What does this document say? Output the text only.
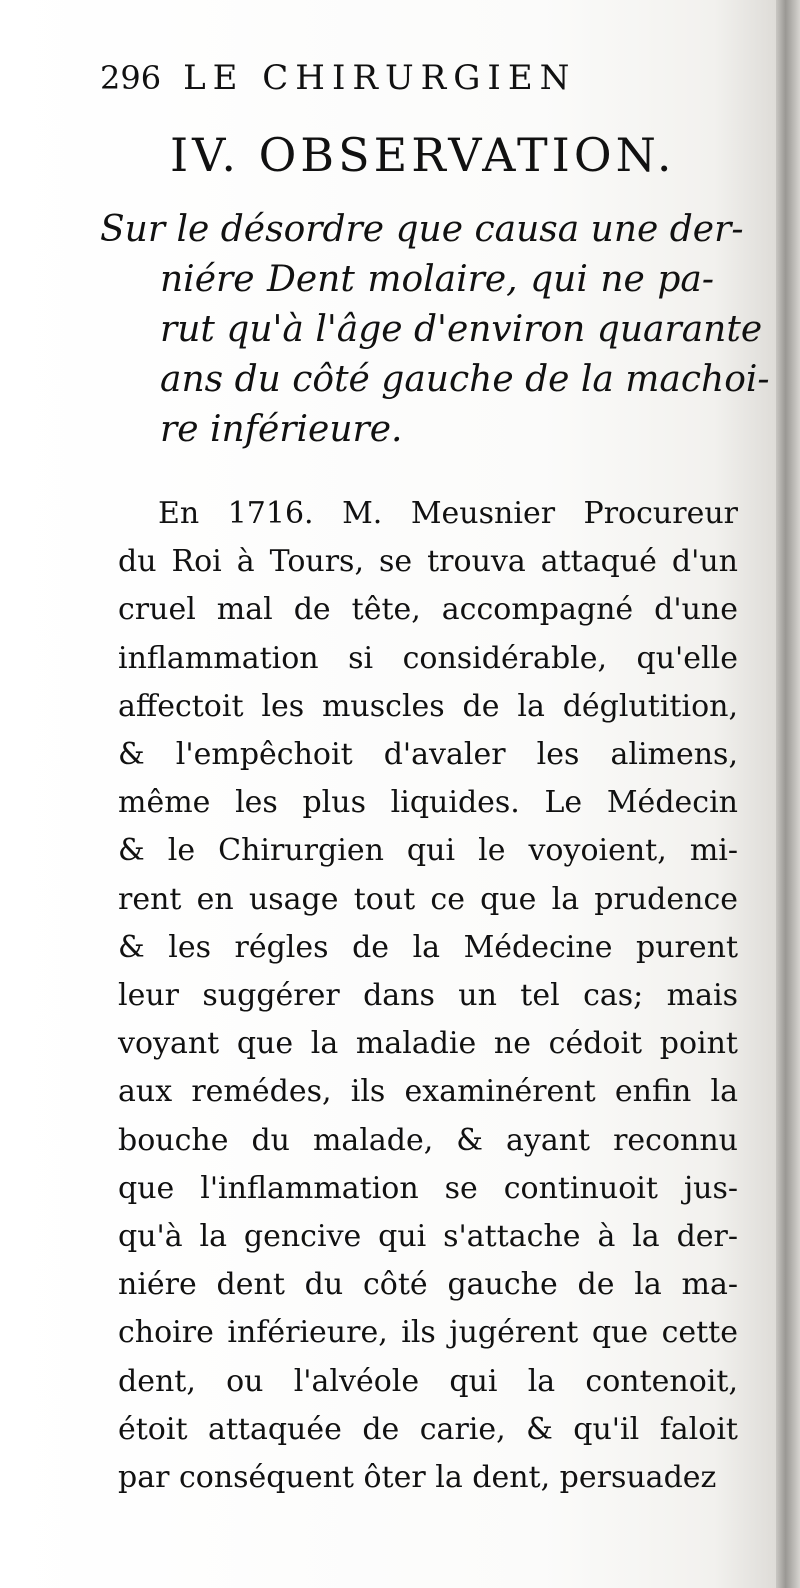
296 LE CHIRURGIEN
IV. OBSERVATION.
Sur le désordre que causa une der-
niére Dent molaire, qui ne pa-
rut qu'à l'âge d'environ quarante
ans du côté gauche de la machoi-
re inférieure.
En 1716. M. Meusnier Procureur
du Roi à Tours, se trouva attaqué d'un
cruel mal de tête, accompagné d'une
inflammation si considérable, qu'elle
affectoit les muscles de la déglutition,
& l'empêchoit d'avaler les alimens,
même les plus liquides. Le Médecin
& le Chirurgien qui le voyoient, mi-
rent en usage tout ce que la prudence
& les régles de la Médecine purent
leur suggérer dans un tel cas; mais
voyant que la maladie ne cédoit point
aux remédes, ils examinérent enfin la
bouche du malade, & ayant reconnu
que l'inflammation se continuoit jus-
qu'à la gencive qui s'attache à la der-
niére dent du côté gauche de la ma-
choire inférieure, ils jugérent que cette
dent, ou l'alvéole qui la contenoit,
étoit attaquée de carie, & qu'il faloit
par conséquent ôter la dent, persuadez
